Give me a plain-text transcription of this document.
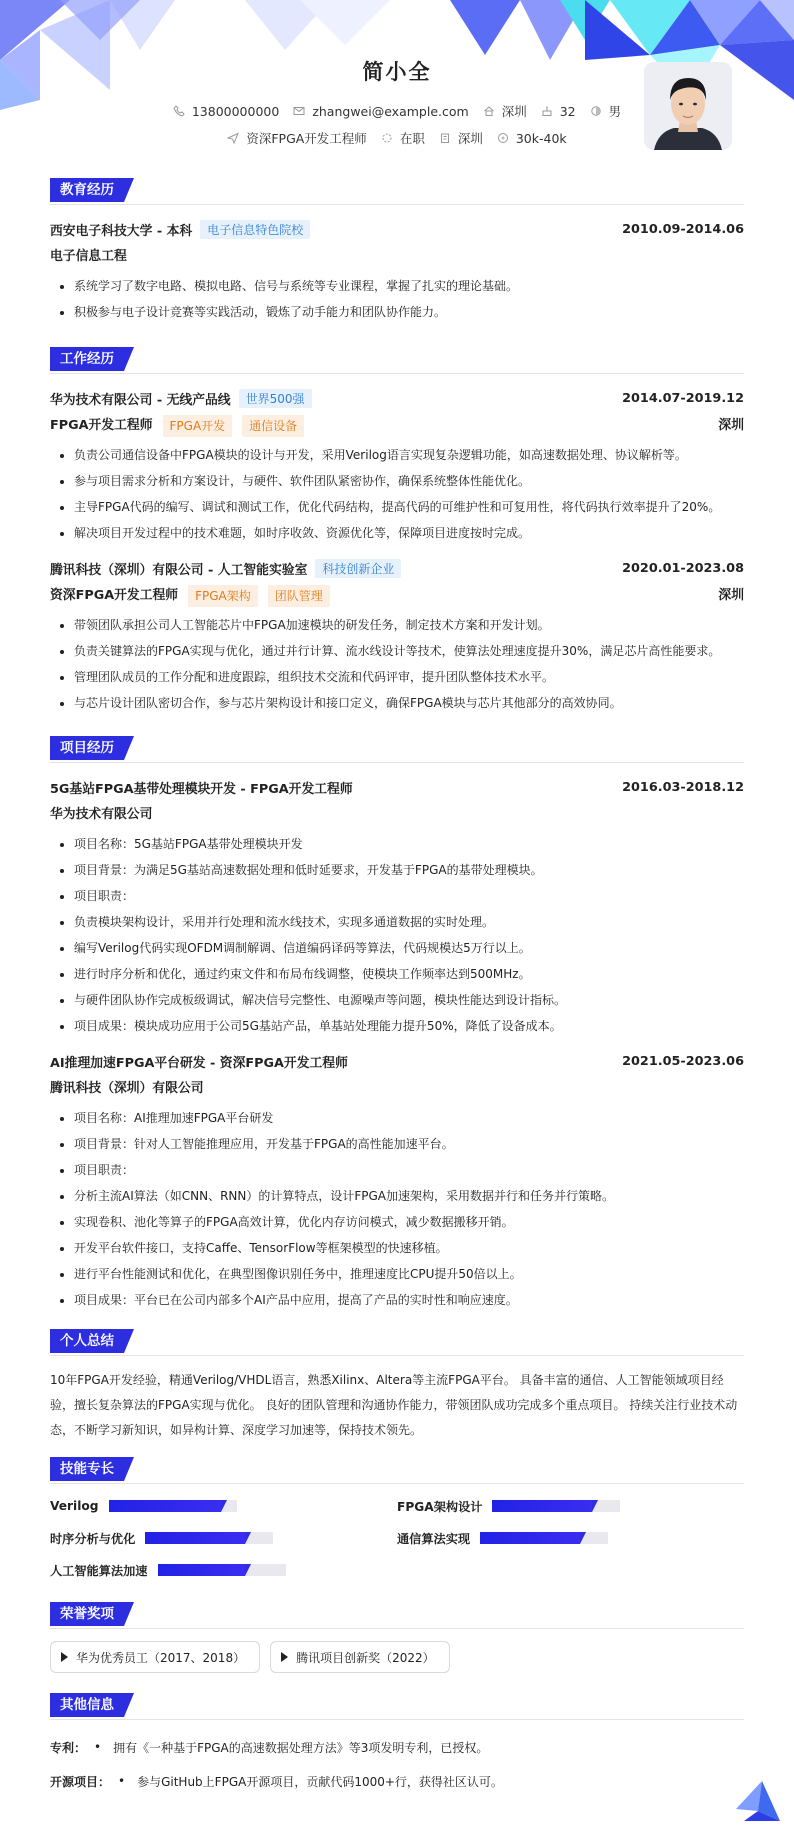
简小全
13800000000	zhangwei@example.com	深圳	32	男
资深FPGA开发工程师	在职	深圳	30k-40k
教育经历
西安电子科技大学 - 本科	电子信息特色院校	2010.09-2014.06
电子信息工程
• 系统学习了数字电路、模拟电路、信号与系统等专业课程，掌握了扎实的理论基础。
• 积极参与电子设计竞赛等实践活动，锻炼了动手能力和团队协作能力。
工作经历
华为技术有限公司 - 无线产品线	世界500强	2014.07-2019.12
FPGA开发工程师	FPGA开发	通信设备	深圳
• 负责公司通信设备中FPGA模块的设计与开发，采用Verilog语言实现复杂逻辑功能，如高速数据处理、协议解析等。
• 参与项目需求分析和方案设计，与硬件、软件团队紧密协作，确保系统整体性能优化。
• 主导FPGA代码的编写、调试和测试工作，优化代码结构，提高代码的可维护性和可复用性，将代码执行效率提升了20%。
• 解决项目开发过程中的技术难题，如时序收敛、资源优化等，保障项目进度按时完成。
腾讯科技（深圳）有限公司 - 人工智能实验室	科技创新企业	2020.01-2023.08
资深FPGA开发工程师	FPGA架构	团队管理	深圳
• 带领团队承担公司人工智能芯片中FPGA加速模块的研发任务，制定技术方案和开发计划。
• 负责关键算法的FPGA实现与优化，通过并行计算、流水线设计等技术，使算法处理速度提升30%，满足芯片高性能要求。
• 管理团队成员的工作分配和进度跟踪，组织技术交流和代码评审，提升团队整体技术水平。
• 与芯片设计团队密切合作，参与芯片架构设计和接口定义，确保FPGA模块与芯片其他部分的高效协同。
项目经历
5G基站FPGA基带处理模块开发 - FPGA开发工程师	2016.03-2018.12
华为技术有限公司
• 项目名称：5G基站FPGA基带处理模块开发
• 项目背景：为满足5G基站高速数据处理和低时延要求，开发基于FPGA的基带处理模块。
• 项目职责：
• 负责模块架构设计，采用并行处理和流水线技术，实现多通道数据的实时处理。
• 编写Verilog代码实现OFDM调制解调、信道编码译码等算法，代码规模达5万行以上。
• 进行时序分析和优化，通过约束文件和布局布线调整，使模块工作频率达到500MHz。
• 与硬件团队协作完成板级调试，解决信号完整性、电源噪声等问题，模块性能达到设计指标。
• 项目成果：模块成功应用于公司5G基站产品，单基站处理能力提升50%，降低了设备成本。
AI推理加速FPGA平台研发 - 资深FPGA开发工程师	2021.05-2023.06
腾讯科技（深圳）有限公司
• 项目名称：AI推理加速FPGA平台研发
• 项目背景：针对人工智能推理应用，开发基于FPGA的高性能加速平台。
• 项目职责：
• 分析主流AI算法（如CNN、RNN）的计算特点，设计FPGA加速架构，采用数据并行和任务并行策略。
• 实现卷积、池化等算子的FPGA高效计算，优化内存访问模式，减少数据搬移开销。
• 开发平台软件接口，支持Caffe、TensorFlow等框架模型的快速移植。
• 进行平台性能测试和优化，在典型图像识别任务中，推理速度比CPU提升50倍以上。
• 项目成果：平台已在公司内部多个AI产品中应用，提高了产品的实时性和响应速度。
个人总结
10年FPGA开发经验，精通Verilog/VHDL语言，熟悉Xilinx、Altera等主流FPGA平台。 具备丰富的通信、人工智能领域项目经验，擅长复杂算法的FPGA实现与优化。 良好的团队管理和沟通协作能力，带领团队成功完成多个重点项目。 持续关注行业技术动态，不断学习新知识，如异构计算、深度学习加速等，保持技术领先。
技能专长
Verilog	FPGA架构设计
时序分析与优化	通信算法实现
人工智能算法加速
荣誉奖项
华为优秀员工（2017、2018）	腾讯项目创新奖（2022）
其他信息
专利： • 拥有《一种基于FPGA的高速数据处理方法》等3项发明专利，已授权。
开源项目： • 参与GitHub上FPGA开源项目，贡献代码1000+行，获得社区认可。
